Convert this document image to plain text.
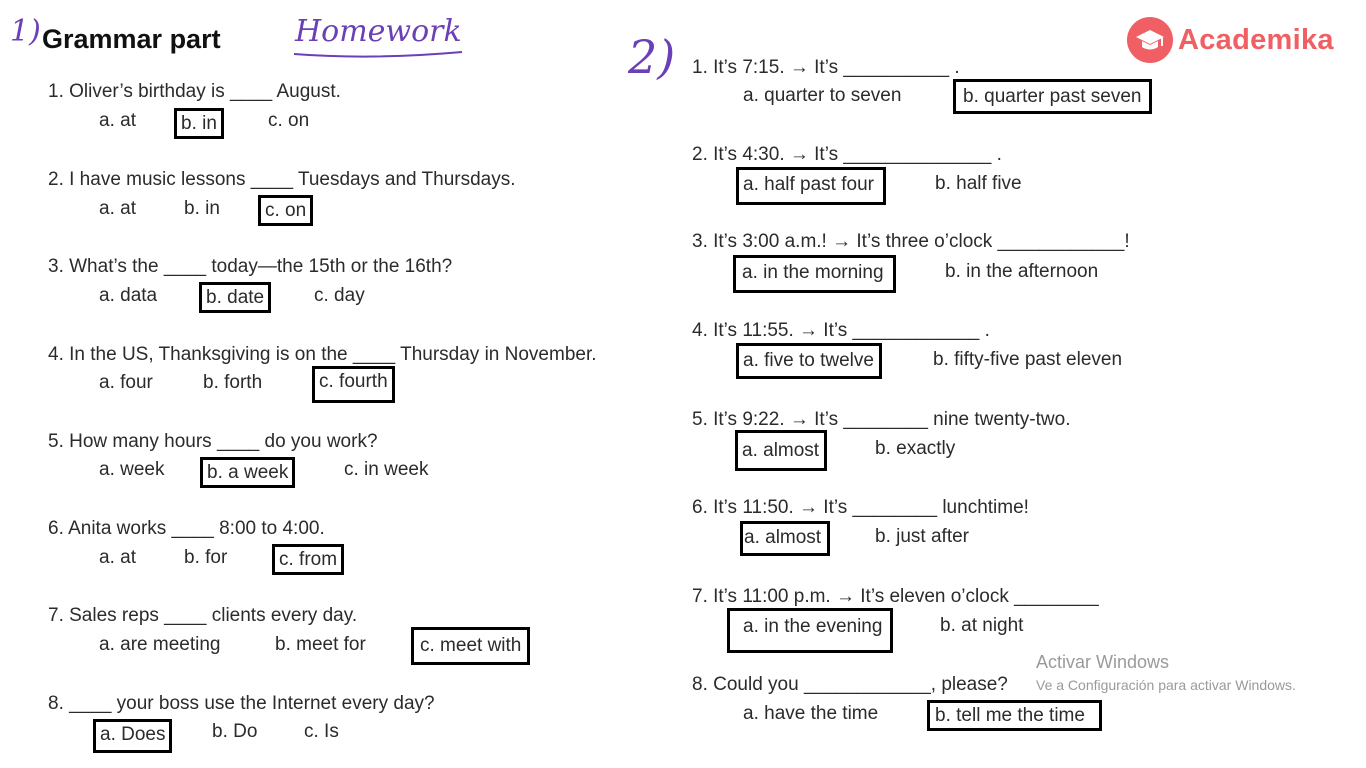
1) Grammar part Homework	2)	Academika
1. Oliver’s birthday is ____ August.
a. at	b. in	c. on
2. I have music lessons ____ Tuesdays and Thursdays.
a. at	b. in	c. on
3. What’s the ____ today—the 15th or the 16th?
a. data	b. date	c. day
4. In the US, Thanksgiving is on the ____ Thursday in November.
a. four	b. forth	c. fourth
5. How many hours ____ do you work?
a. week	b. a week	c. in week
6. Anita works ____ 8:00 to 4:00.
a. at	b. for	c. from
7. Sales reps ____ clients every day.
a. are meeting	b. meet for	c. meet with
8. ____ your boss use the Internet every day?
a. Does	b. Do c. Is
1. It’s 7:15. → It’s __________ .
a. quarter to seven	b. quarter past seven
2. It’s 4:30. → It’s ______________ .
a. half past four	b. half five
3. It’s 3:00 a.m.! → It’s three o’clock ____________!
a. in the morning	b. in the afternoon
4. It’s 11:55. → It’s ____________ .
a. five to twelve	b. fifty-five past eleven
5. It’s 9:22. → It’s ________ nine twenty-two.
a. almost	b. exactly
6. It’s 11:50. → It’s ________ lunchtime!
a. almost	b. just after
7. It’s 11:00 p.m. → It’s eleven o’clock ________
a. in the evening	b. at night
8. Could you ____________, please?
a. have the time	b. tell me the time
Activar Windows
Ve a Configuración para activar Windows.
